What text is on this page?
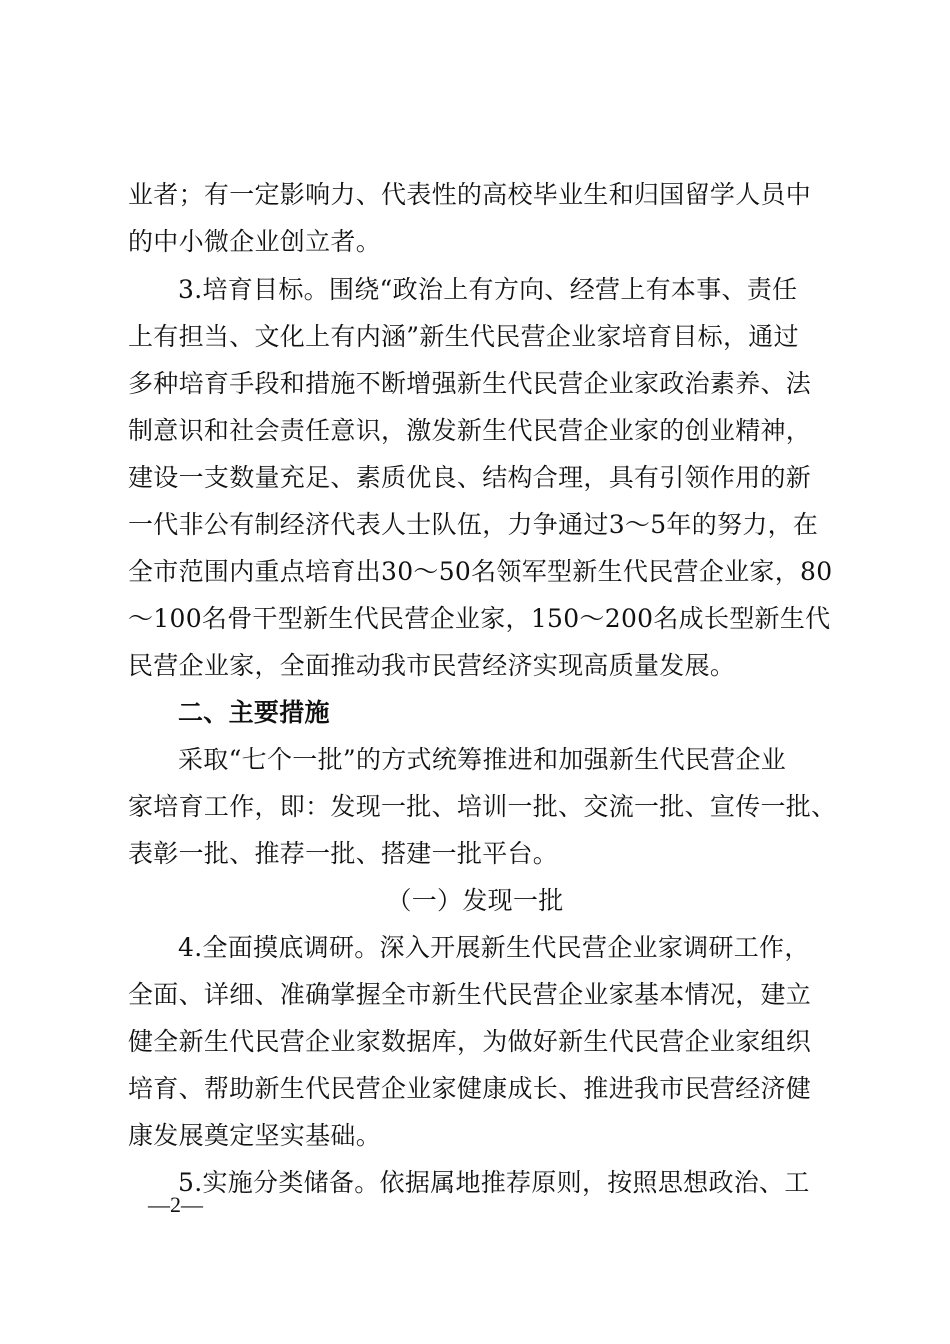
业者；有一定影响力、代表性的高校毕业生和归国留学人员中
的中小微企业创立者。
3.培育目标。围绕“政治上有方向、经营上有本事、责任
上有担当、文化上有内涵”新生代民营企业家培育目标，通过
多种培育手段和措施不断增强新生代民营企业家政治素养、法
制意识和社会责任意识，激发新生代民营企业家的创业精神，
建设一支数量充足、素质优良、结构合理，具有引领作用的新
一代非公有制经济代表人士队伍，力争通过3～5年的努力，在
全市范围内重点培育出30～50名领军型新生代民营企业家，80
～100名骨干型新生代民营企业家，150～200名成长型新生代
民营企业家，全面推动我市民营经济实现高质量发展。
二、主要措施
采取“七个一批”的方式统筹推进和加强新生代民营企业
家培育工作，即：发现一批、培训一批、交流一批、宣传一批、
表彰一批、推荐一批、搭建一批平台。
（一）发现一批
4.全面摸底调研。深入开展新生代民营企业家调研工作，
全面、详细、准确掌握全市新生代民营企业家基本情况，建立
健全新生代民营企业家数据库，为做好新生代民营企业家组织
培育、帮助新生代民营企业家健康成长、推进我市民营经济健
康发展奠定坚实基础。
5.实施分类储备。依据属地推荐原则，按照思想政治、工
—2—
